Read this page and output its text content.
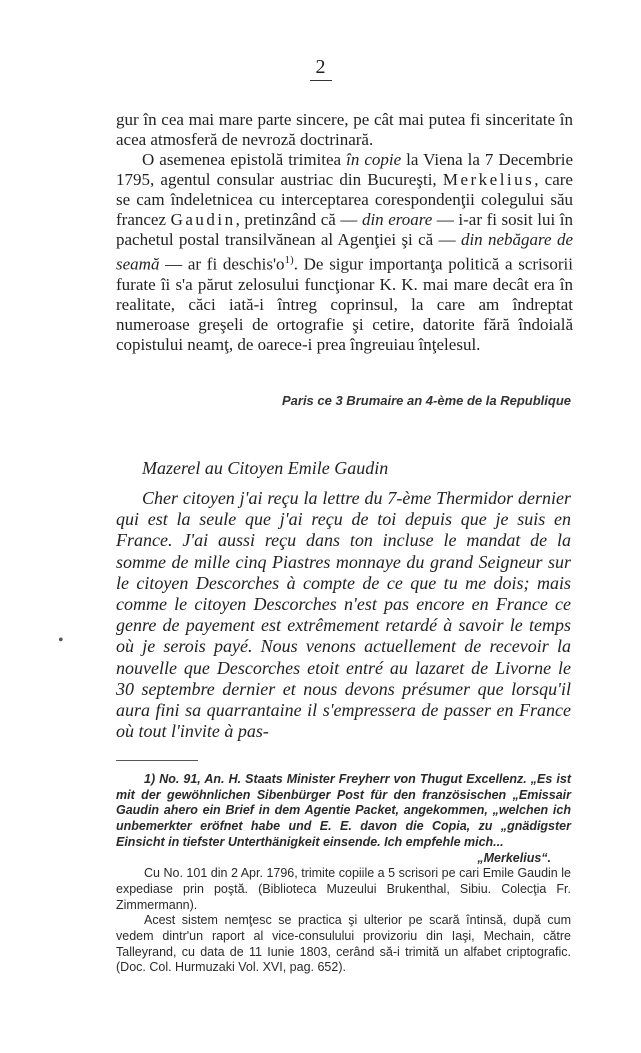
2

gur în cea mai mare parte sincere, pe cât mai putea fi sinceritate în acea atmosferă de nevroză doctrinară.

O asemenea epistolă trimitea în copie la Viena la 7 Decembrie 1795, agentul consular austriac din Bucureşti, Merkelius, care se cam îndeletnicea cu interceptarea corespondenţii colegului său francez Gaudin, pretinzând că — din eroare — i-ar fi sosit lui în pachetul postal transilvănean al Agenţiei şi că — din nebăgare de seamă — ar fi $deschis'o^{1)}$. De sigur importanţa politică a scrisorii furate îi s'a părut zelosului funcţionar K. K. mai mare decât era în realitate, căci iată-i întreg coprinsul, la care am îndreptat numeroase greşeli de ortografie şi cetire, datorite fără îndoială copistului neamţ, de oarece-i prea îngreuiau înţelesul.

Paris ce 3 Brumaire an 4-ème de la Republique
Mazerel au Citoyen Emile Gaudin

Cher citoyen j'ai reçu la lettre du 7-ème Thermidor dernier qui est la seule que j'ai reçu de toi depuis que je suis en France. J'ai aussi reçu dans ton incluse le mandat de la somme de mille cinq Piastres monnaye du grand Seigneur sur le citoyen Descorches à compte de ce que tu me dois; mais comme le citoyen Descorches n'est pas encore en France ce genre de payement est extrêmement retardé à savoir le temps où je serois payé. Nous venons actuellement de recevoir la nouvelle que Descorches etoit entré au lazaret de Livorne le 30 septembre dernier et nous devons présumer que lorsqu'il aura fini sa quarrantaine il s'empressera de passer en France où tout l'invite à pas-

•

1) No. 91, An. H. Staats Minister Freyherr von Thugut Excellenz. „Es ist mit der gewöhnlichen Sibenbürger Post für den französischen „Emissair Gaudin ahero ein Brief in dem Agentie Packet, angekommen, „welchen ich unbemerkter eröfnet habe und E. E. davon die Copia, zu „gnädigster Einsicht in tiefster Unterthänigkeit einsende. Ich empfehle mich...
„Merkelius“.

Cu No. 101 din 2 Apr. 1796, trimite copiile a 5 scrisori pe cari Emile Gaudin le expediase prin poştă. (Biblioteca Muzeului Brukenthal, Sibiu. Colecţia Fr. Zimmermann).

Acest sistem nemţesc se practica şi ulterior pe scară întinsă, după cum vedem dintr'un raport al vice-consulului provizoriu din Iaşi, Mechain, către Talleyrand, cu data de 11 Iunie 1803, cerând să-i trimită un alfabet criptografic. (Doc. Col. Hurmuzaki Vol. XVI, pag. 652).
